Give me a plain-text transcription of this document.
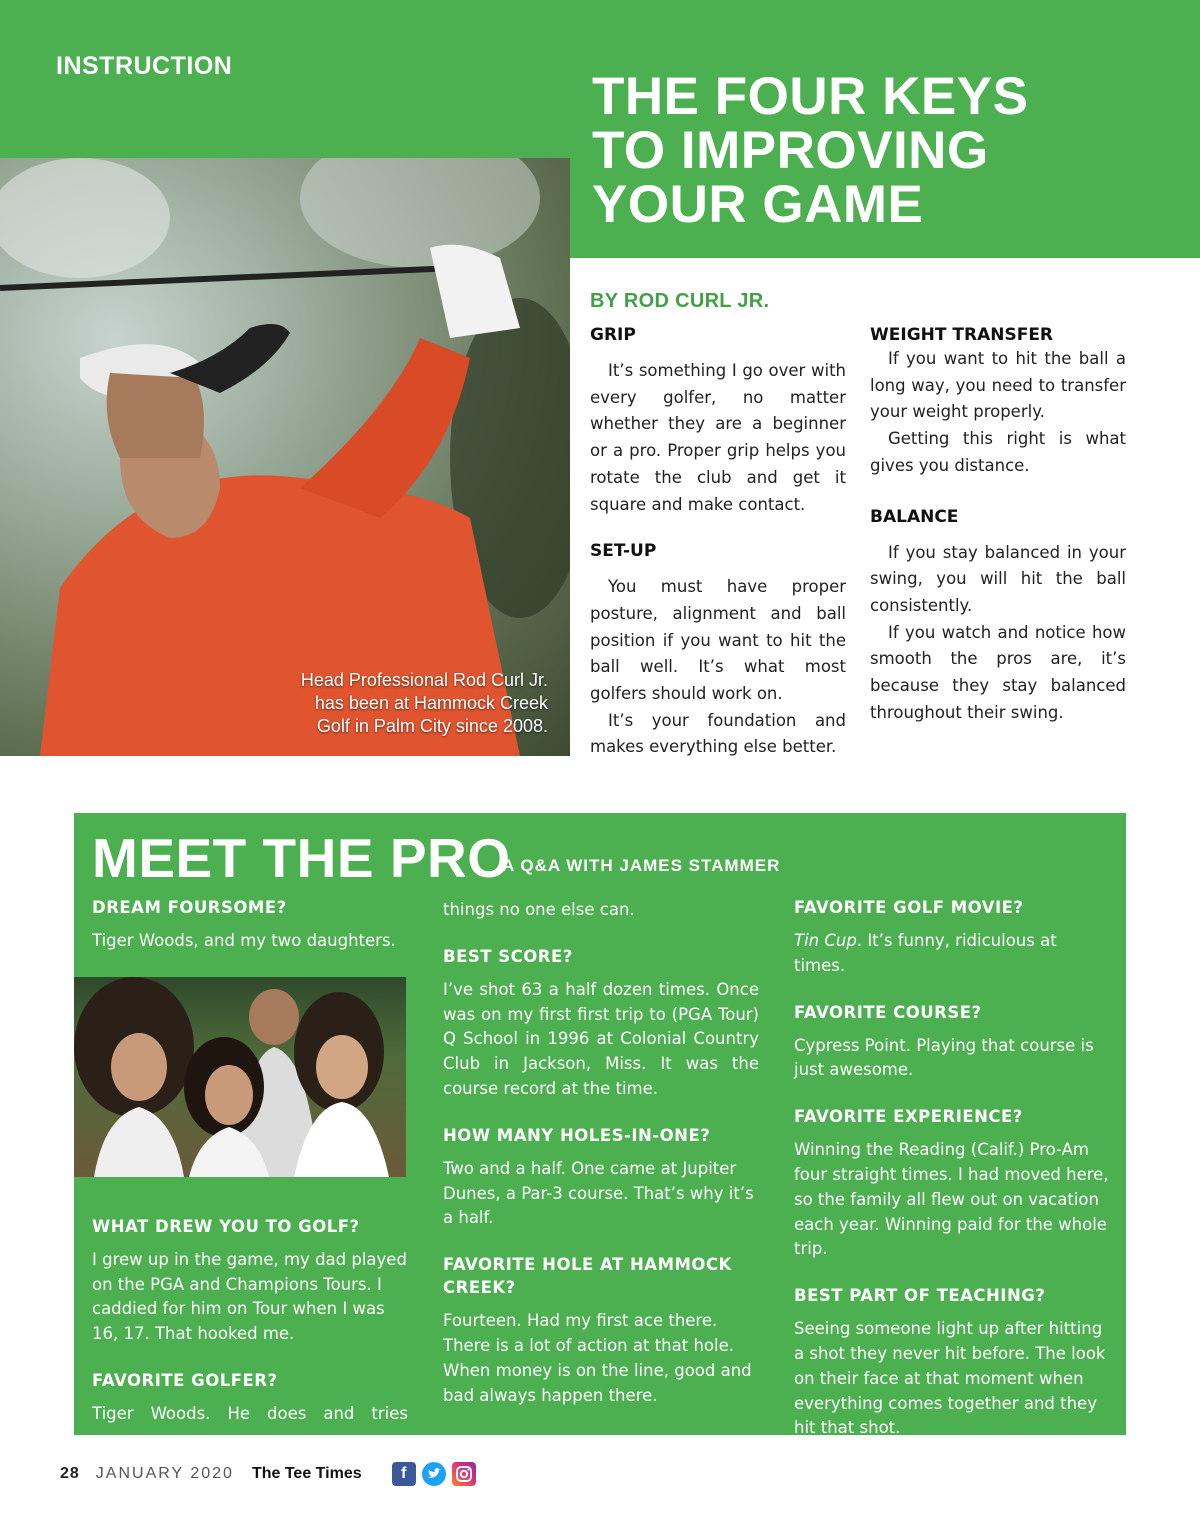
INSTRUCTION
THE FOUR KEYS
TO IMPROVING
YOUR GAME
Head Professional Rod Curl Jr.
has been at Hammock Creek
Golf in Palm City since 2008.
BY ROD CURL JR.
GRIP

It’s something I go over with every golfer, no matter whether they are a beginner or a pro. Proper grip helps you rotate the club and get it square and make contact.

SET-UP

You must have proper posture, alignment and ball position if you want to hit the ball well. It’s what most golfers should work on.

It’s your foundation and makes everything else better.

WEIGHT TRANSFER

If you want to hit the ball a long way, you need to transfer your weight properly.

Getting this right is what gives you distance.

BALANCE

If you stay balanced in your swing, you will hit the ball consistently.

If you watch and notice how smooth the pros are, it’s because they stay balanced throughout their swing.

MEET THE PRO
A Q&A WITH JAMES STAMMER
DREAM FOURSOME?
Tiger Woods, and my two daughters.
WHAT DREW YOU TO GOLF?
I grew up in the game, my dad played on the PGA and Champions Tours. I caddied for him on Tour when I was 16, 17. That hooked me.
FAVORITE GOLFER?
Tiger Woods. He does and tries
things no one else can.
BEST SCORE?
I’ve shot 63 a half dozen times. Once was on my first first trip to (PGA Tour) Q School in 1996 at Colonial Country Club in Jackson, Miss. It was the course record at the time.
HOW MANY HOLES-IN-ONE?
Two and a half. One came at Jupiter Dunes, a Par-3 course. That’s why it’s a half.
FAVORITE HOLE AT HAMMOCK CREEK?
Fourteen. Had my first ace there. There is a lot of action at that hole. When money is on the line, good and bad always happen there.
FAVORITE GOLF MOVIE?
Tin Cup. It’s funny, ridiculous at times.
FAVORITE COURSE?
Cypress Point. Playing that course is just awesome.
FAVORITE EXPERIENCE?
Winning the Reading (Calif.) Pro-Am four straight times. I had moved here, so the family all flew out on vacation each year. Winning paid for the whole trip.
BEST PART OF TEACHING?
Seeing someone light up after hitting a shot they never hit before. The look on their face at that moment when everything comes together and they hit that shot.
28 JANUARY 2020 The Tee Times	f
